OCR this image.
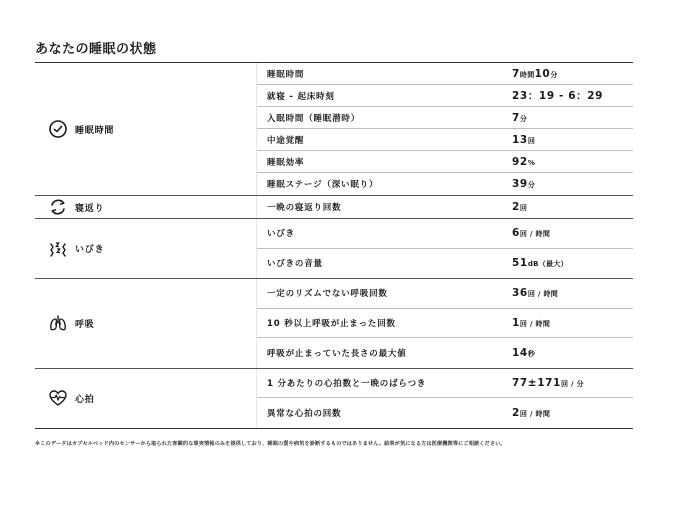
あなたの睡眠の状態
睡眠時間
睡眠時間	7時間10分
就寝 - 起床時刻	23：19 - 6：29
入眠時間（睡眠潜時）	7分
中途覚醒	13回
睡眠効率	92%
睡眠ステージ（深い眠り）	39分
寝返り	一晩の寝返り回数	2回
いびき
いびき	6回 / 時間
いびきの音量	51dB（最大）
呼吸
一定のリズムでない呼吸回数	36回 / 時間
10 秒以上呼吸が止まった回数	1回 / 時間
呼吸が止まっていた長さの最大値	14秒
心拍
1 分あたりの心拍数と一晩のばらつき	77±171回 / 分
異常な心拍の回数	2回 / 時間
※このデータはカプセルベッド内のセンサーから取られた客観的な事実情報のみを提供しており、睡眠の質や病気を診断するものではありません。結果が気になる方は医療機関等にご相談ください。
